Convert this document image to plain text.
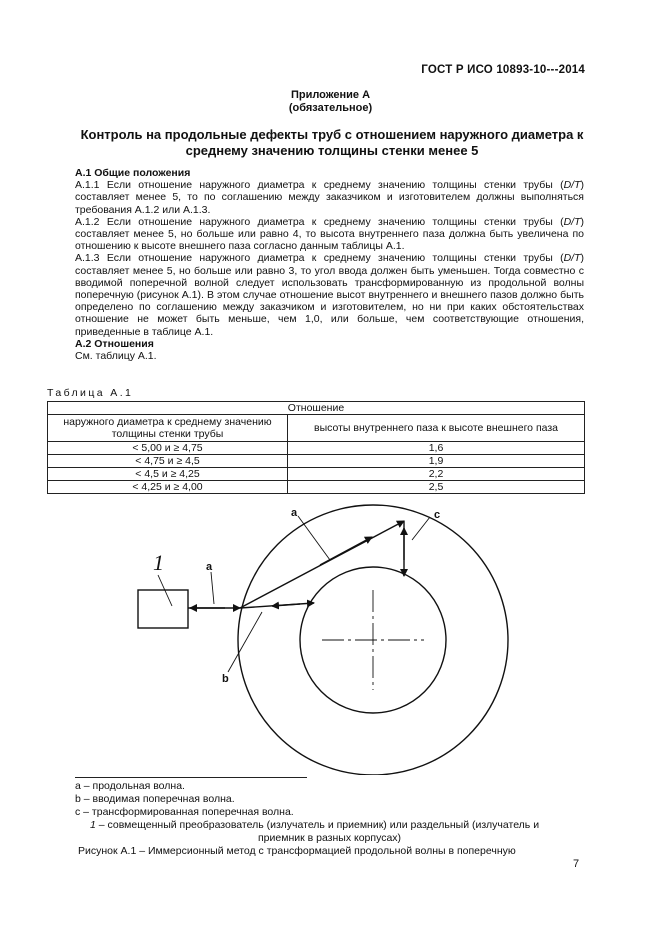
ГОСТ Р ИСО 10893-10---2014
Приложение А
(обязательное)
Контроль на продольные дефекты труб с отношением наружного диаметра к
среднему значению толщины стенки менее 5

А.1 Общие положения

А.1.1 Если отношение наружного диаметра к среднему значению толщины стенки трубы (D/T) составляет менее 5, то по соглашению между заказчиком и изготовителем должны выполняться требования А.1.2 или А.1.3.

А.1.2 Если отношение наружного диаметра к среднему значению толщины стенки трубы (D/T) составляет менее 5, но больше или равно 4, то высота внутреннего паза должна быть увеличена по отношению к высоте внешнего паза согласно данным таблицы А.1.

А.1.3 Если отношение наружного диаметра к среднему значению толщины стенки трубы (D/T) составляет менее 5, но больше или равно 3, то угол ввода должен быть уменьшен. Тогда совместно с вводимой поперечной волной следует использовать трансформированную из продольной волны поперечную (рисунок А.1). В этом случае отношение высот внутреннего и внешнего пазов должно быть определено по соглашению между заказчиком и изготовителем, но ни при каких обстоятельствах отношение не может быть меньше, чем 1,0, или больше, чем соответствующие отношения, приведенные в таблице А.1.

А.2 Отношения

См. таблицу А.1.

Таблица А.1
Отношение	
наружного диаметра к среднему значению толщины стенки трубы	высоты внутреннего паза к высоте внешнего паза
< 5,00 и ≥ 4,75	1,6
< 4,75 и ≥ 4,5	1,9
< 4,5 и ≥ 4,25	2,2
< 4,25 и ≥ 4,00	2,5
1	a
a
b
c
а – продольная волна.
b – вводимая поперечная волна.
с – трансформированная поперечная волна.
1 – совмещенный преобразователь (излучатель и приемник) или раздельный (излучатель и
приемник в разных корпусах)
Рисунок А.1 – Иммерсионный метод с трансформацией продольной волны в поперечную
7
